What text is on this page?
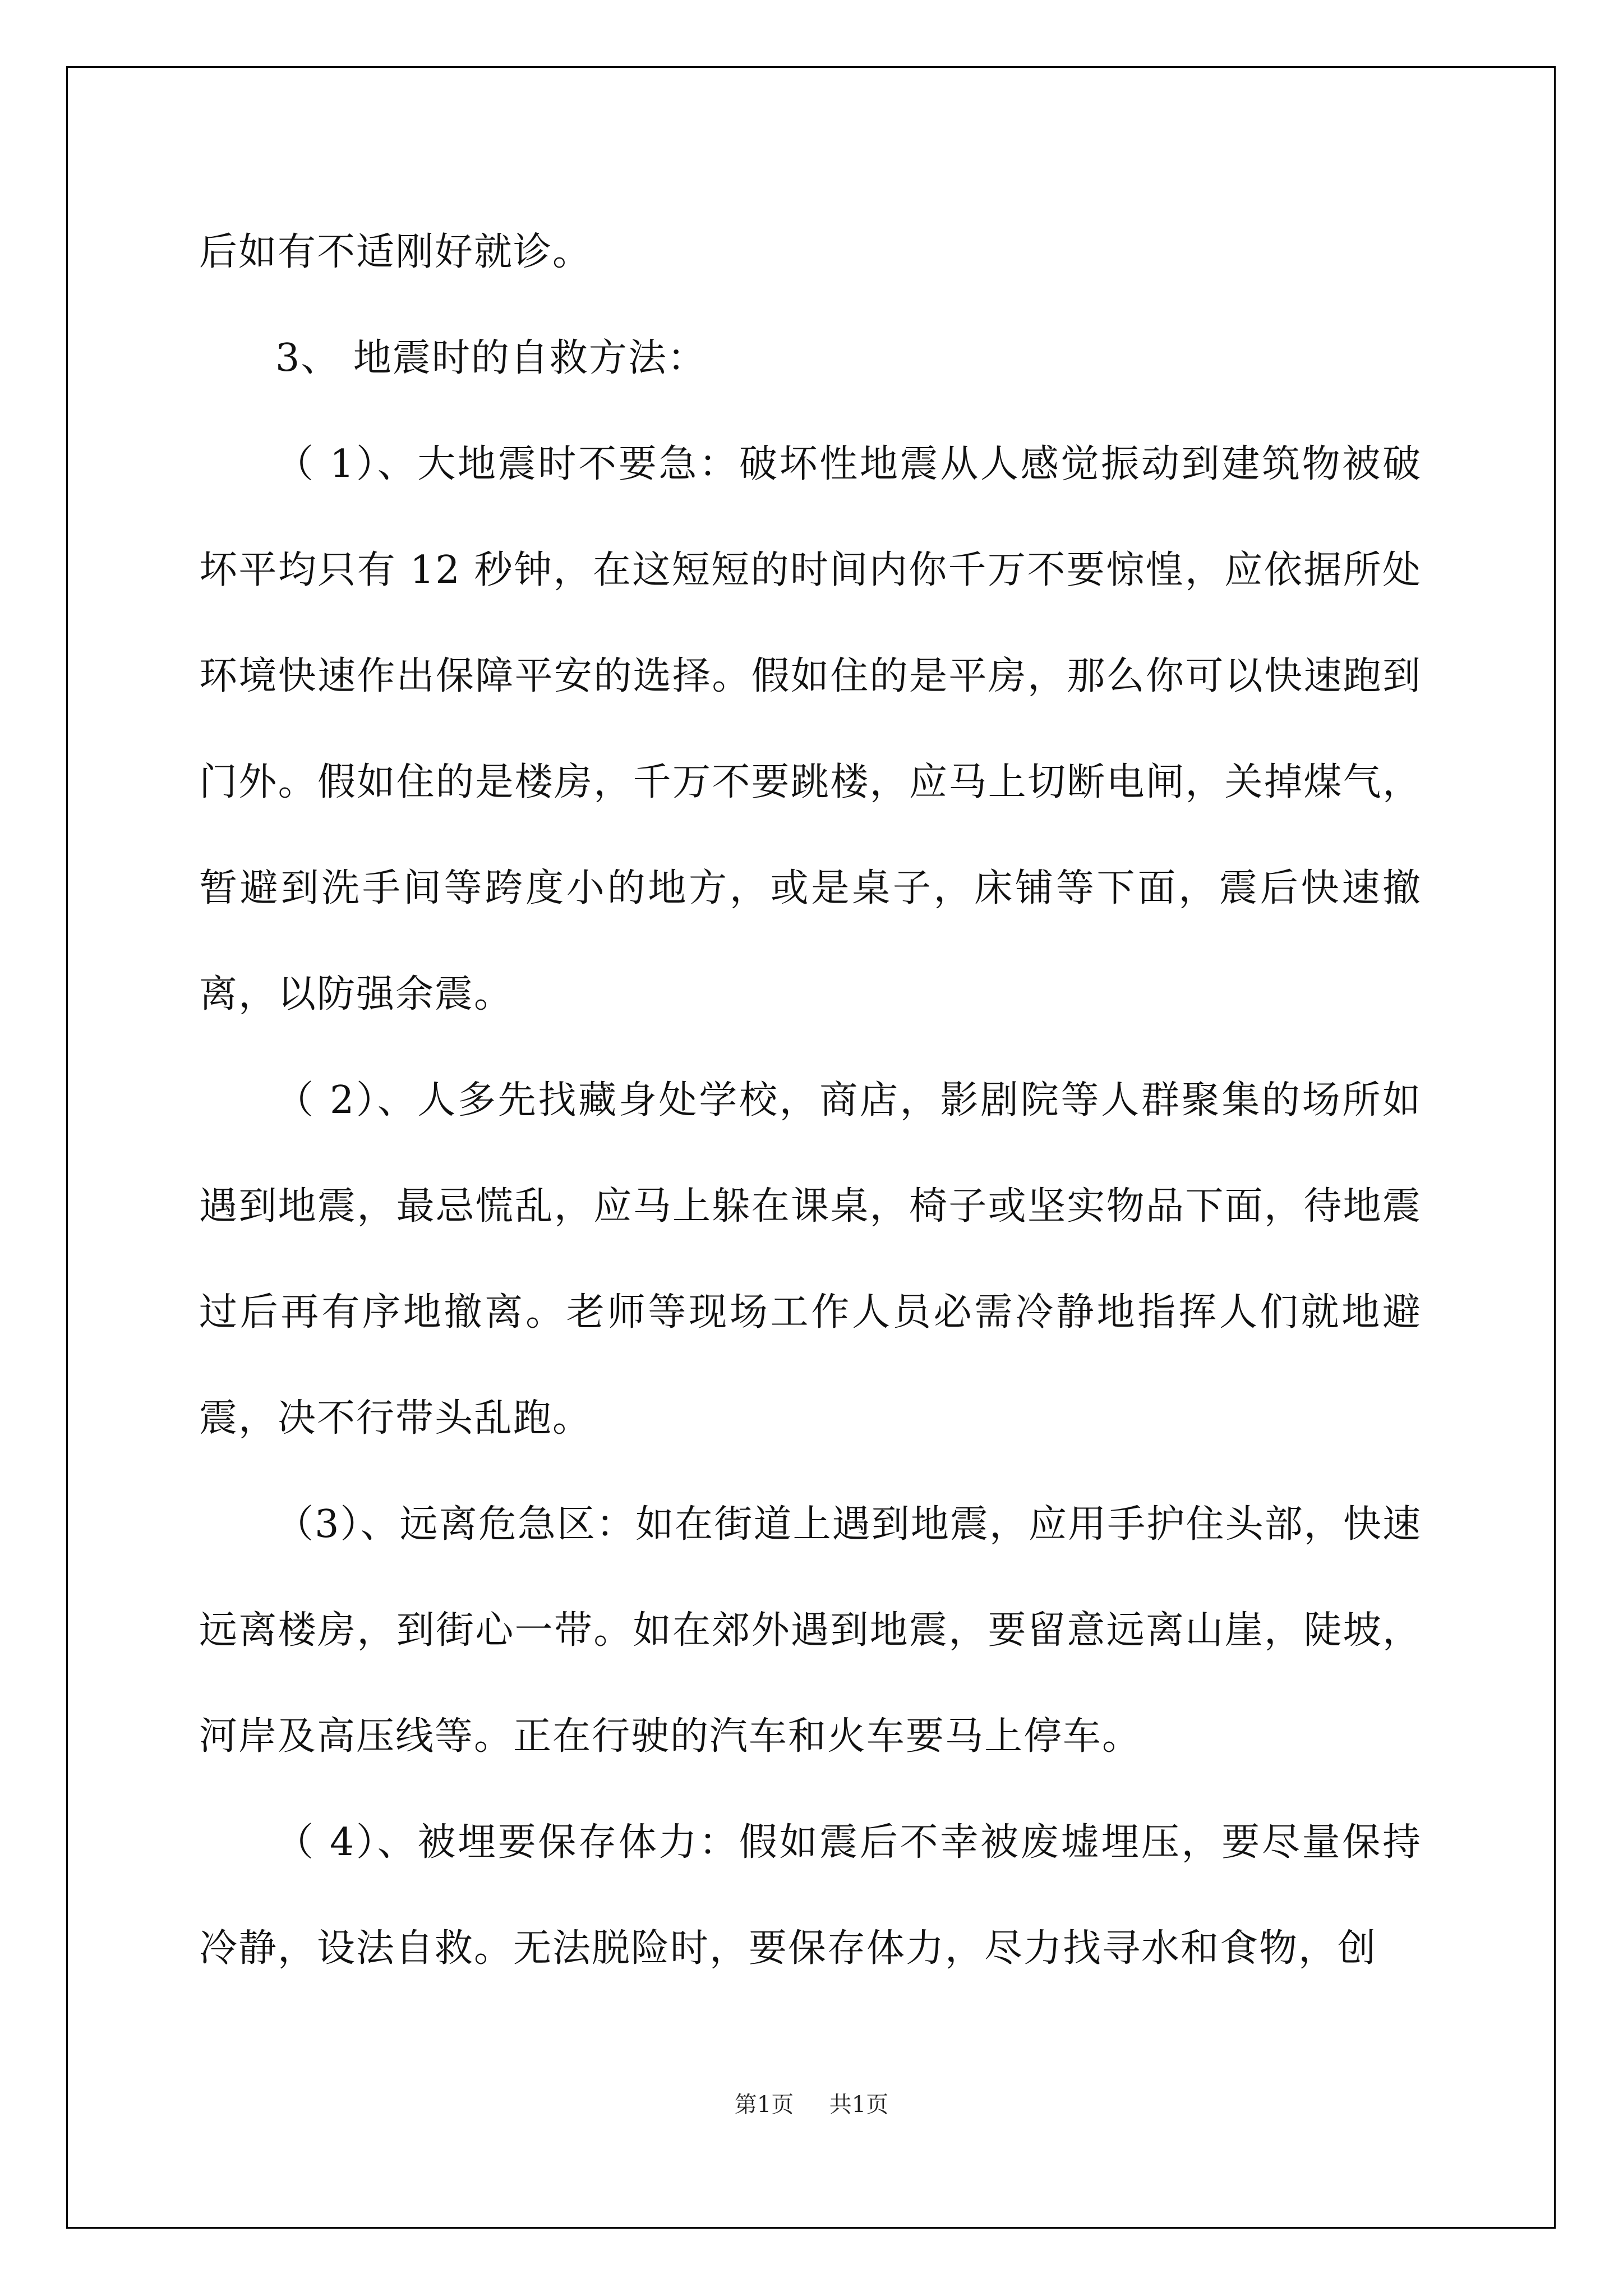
后如有不适刚好就诊。

3、 地震时的自救方法：

（ 1）、大地震时不要急：破坏性地震从人感觉振动到建筑物被破坏平均只有 12 秒钟，在这短短的时间内你千万不要惊惶，应依据所处环境快速作出保障平安的选择。假如住的是平房，那么你可以快速跑到门外。假如住的是楼房，千万不要跳楼，应马上切断电闸，关掉煤气，暂避到洗手间等跨度小的地方，或是桌子，床铺等下面，震后快速撤离，以防强余震。

（ 2）、人多先找藏身处学校，商店，影剧院等人群聚集的场所如遇到地震，最忌慌乱，应马上躲在课桌，椅子或坚实物品下面，待地震过后再有序地撤离。老师等现场工作人员必需冷静地指挥人们就地避震，决不行带头乱跑。

（3）、远离危急区：如在街道上遇到地震，应用手护住头部，快速远离楼房，到街心一带。如在郊外遇到地震，要留意远离山崖，陡坡，河岸及高压线等。正在行驶的汽车和火车要马上停车。

（ 4）、被埋要保存体力：假如震后不幸被废墟埋压，要尽量保持冷静，设法自救。无法脱险时，要保存体力，尽力找寻水和食物，创

第1页 共1页
